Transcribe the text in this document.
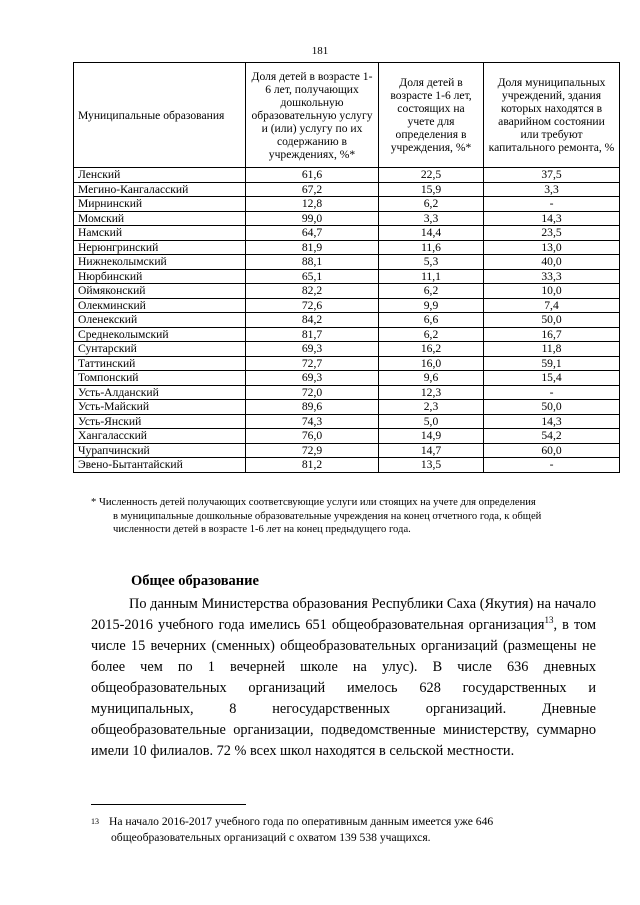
181
Муниципальные образования	Доля детей в возрасте 1-6 лет, получающих дошкольную образовательную услугу и (или) услугу по их содержанию в учреждениях, %*	Доля детей в возрасте 1-6 лет, состоящих на учете для определения в учреждения, %*	Доля муниципальных учреждений, здания которых находятся в аварийном состоянии или требуют капитального ремонта, %
Ленский	61,6	22,5	37,5
Мегино-Кангаласский	67,2	15,9	3,3
Мирнинский	12,8	6,2	-
Момский	99,0	3,3	14,3
Намский	64,7	14,4	23,5
Нерюнгринский	81,9	11,6	13,0
Нижнеколымский	88,1	5,3	40,0
Нюрбинский	65,1	11,1	33,3
Оймяконский	82,2	6,2	10,0
Олекминский	72,6	9,9	7,4
Оленекский	84,2	6,6	50,0
Среднеколымский	81,7	6,2	16,7
Сунтарский	69,3	16,2	11,8
Таттинский	72,7	16,0	59,1
Томпонский	69,3	9,6	15,4
Усть-Алданский	72,0	12,3	-
Усть-Майский	89,6	2,3	50,0
Усть-Янский	74,3	5,0	14,3
Хангаласский	76,0	14,9	54,2
Чурапчинский	72,9	14,7	60,0
Эвено-Бытантайский	81,2	13,5	-
* Численность детей получающих соответсвующие услуги или стоящих на учете для определения
в муниципальные дошкольные образовательные учреждения на конец отчетного года, к общей
численности детей в возрасте 1-6 лет на конец предыдущего года.
Общее образование
По данным Министерства образования Республики Саха (Якутия) на начало 2015-2016 учебного года имелись 651 общеобразовательная организация$^{13}$, в том числе 15 вечерних (сменных) общеобразовательных организаций (размещены не более чем по 1 вечерней школе на улус). В числе 636 дневных общеобразовательных организаций имелось 628 государственных и муниципальных, 8 негосударственных организаций. Дневные общеобразовательные организации, подведомственные министерству, суммарно имели 10 филиалов. 72 % всех школ находятся в сельской местности.
$^{13}$ На начало 2016-2017 учебного года по оперативным данным имеется уже 646
общеобразовательных организаций с охватом 139 538 учащихся.
